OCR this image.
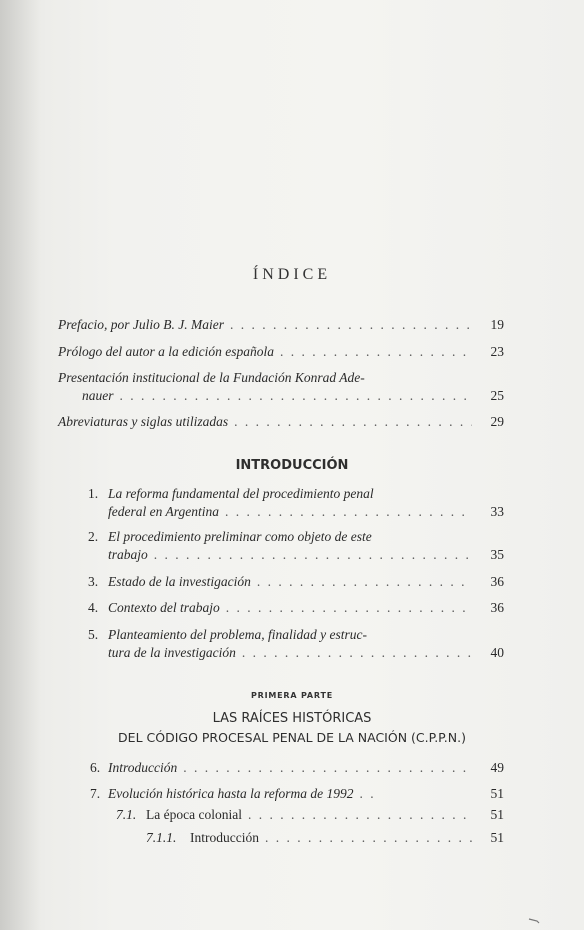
ÍNDICE
Prefacio, por Julio B. J. Maier . . .	19
Prólogo del autor a la edición española . . .	23
Presentación institucional de la Fundación Konrad Ade-
nauer . . .	25
Abreviaturas y siglas utilizadas . . .	29
INTRODUCCIÓN
1. La reforma fundamental del procedimiento penal
federal en Argentina . . .	33
2. El procedimiento preliminar como objeto de este
trabajo . . .	35
3. Estado de la investigación . . .	36
4. Contexto del trabajo . . .	36
5. Planteamiento del problema, finalidad y estruc-
tura de la investigación . . .	40
PRIMERA PARTE
LAS RAÍCES HISTÓRICAS
DEL CÓDIGO PROCESAL PENAL DE LA NACIÓN (C.P.P.N.)
6. Introducción . . .	49
7. Evolución histórica hasta la reforma de 1992 . . .	51
7.1. La época colonial . . .	51
7.1.1.	Introducción . . .	51
